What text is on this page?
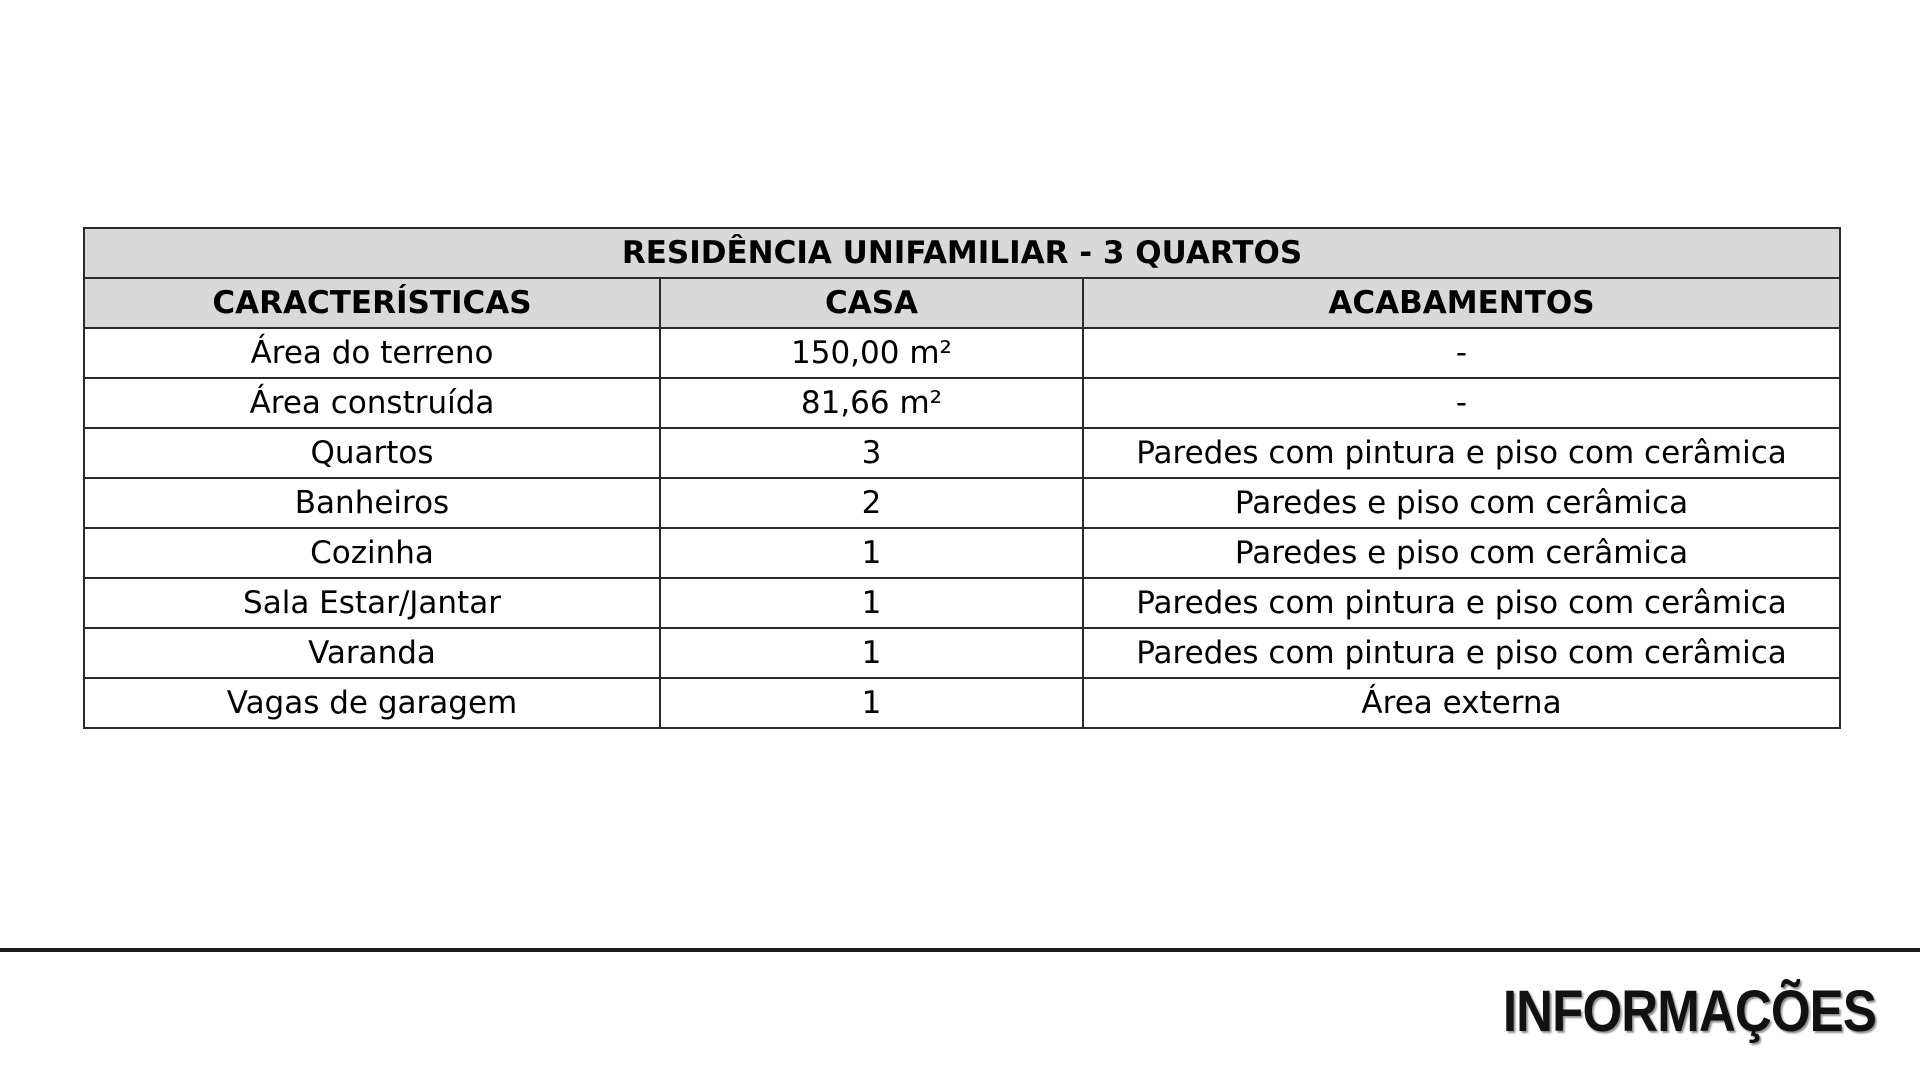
RESIDÊNCIA UNIFAMILIAR - 3 QUARTOS		
CARACTERÍSTICAS	CASA	ACABAMENTOS
Área do terreno	150,00 m²	-
Área construída	81,66 m²	-
Quartos	3	Paredes com pintura e piso com cerâmica
Banheiros	2	Paredes e piso com cerâmica
Cozinha	1	Paredes e piso com cerâmica
Sala Estar/Jantar	1	Paredes com pintura e piso com cerâmica
Varanda	1	Paredes com pintura e piso com cerâmica
Vagas de garagem	1	Área externa
INFORMAÇÕES
